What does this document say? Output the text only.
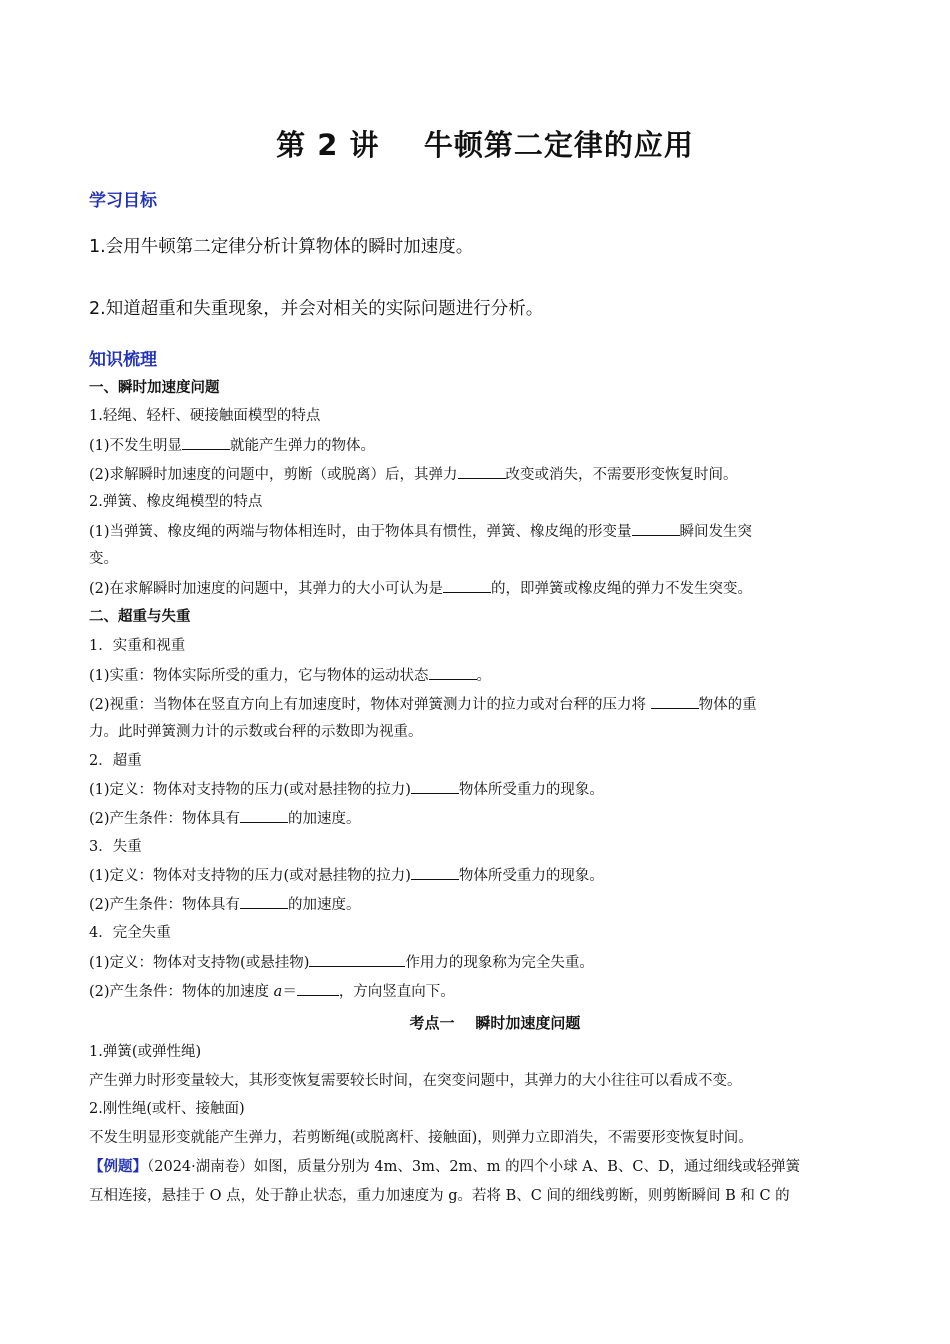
第 2 讲    牛顿第二定律的应用
学习目标
1.会用牛顿第二定律分析计算物体的瞬时加速度。
2.知道超重和失重现象，并会对相关的实际问题进行分析。
知识梳理
一、瞬时加速度问题
1.轻绳、轻杆、硬接触面模型的特点
(1)不发生明显	就能产生弹力的物体。
(2)求解瞬时加速度的问题中，剪断（或脱离）后，其弹力	改变或消失，不需要形变恢复时间。
2.弹簧、橡皮绳模型的特点
(1)当弹簧、橡皮绳的两端与物体相连时，由于物体具有惯性，弹簧、橡皮绳的形变量	瞬间发生突
变。
(2)在求解瞬时加速度的问题中，其弹力的大小可认为是	的，即弹簧或橡皮绳的弹力不发生突变。
二、超重与失重
1．实重和视重
(1)实重：物体实际所受的重力，它与物体的运动状态	。
(2)视重：当物体在竖直方向上有加速度时，物体对弹簧测力计的拉力或对台秤的压力将	物体的重
力。此时弹簧测力计的示数或台秤的示数即为视重。
2．超重
(1)定义：物体对支持物的压力(或对悬挂物的拉力)	物体所受重力的现象。
(2)产生条件：物体具有	的加速度。
3．失重
(1)定义：物体对支持物的压力(或对悬挂物的拉力)	物体所受重力的现象。
(2)产生条件：物体具有	的加速度。
4．完全失重
(1)定义：物体对支持物(或悬挂物)	作用力的现象称为完全失重。
(2)产生条件：物体的加速度 a＝	，方向竖直向下。
考点一    瞬时加速度问题
1.弹簧(或弹性绳)
产生弹力时形变量较大，其形变恢复需要较长时间，在突变问题中，其弹力的大小往往可以看成不变。
2.刚性绳(或杆、接触面)
不发生明显形变就能产生弹力，若剪断绳(或脱离杆、接触面)，则弹力立即消失，不需要形变恢复时间。
【例题】（2024·湖南卷）如图，质量分别为 4m、3m、2m、m 的四个小球 A、B、C、D，通过细线或轻弹簧
互相连接，悬挂于 O 点，处于静止状态，重力加速度为 g。若将 B、C 间的细线剪断，则剪断瞬间 B 和 C 的
